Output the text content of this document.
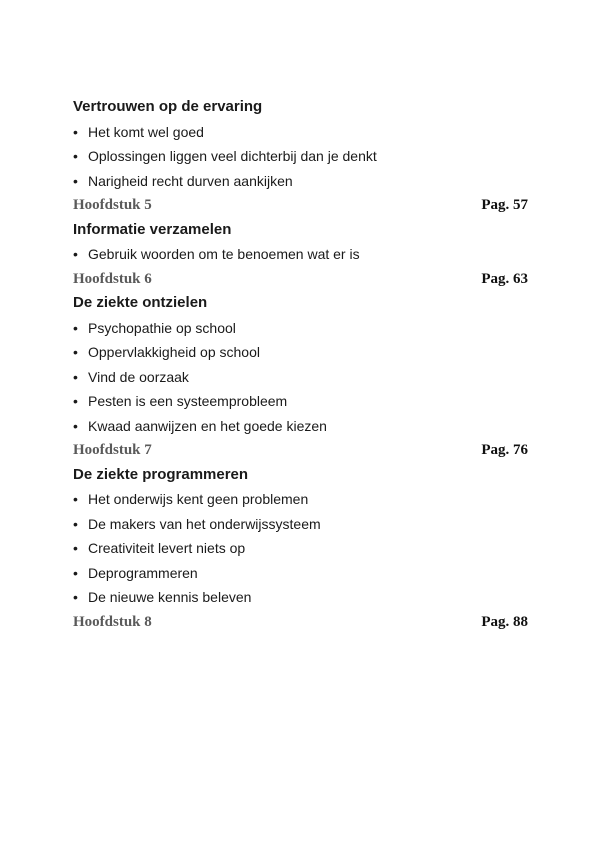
Vertrouwen op de ervaring
• Het komt wel goed
• Oplossingen liggen veel dichterbij dan je denkt
• Narigheid recht durven aankijken
Hoofdstuk 5	Pag. 57
Informatie verzamelen
• Gebruik woorden om te benoemen wat er is
Hoofdstuk 6	Pag. 63
De ziekte ontzielen
• Psychopathie op school
• Oppervlakkigheid op school
• Vind de oorzaak
• Pesten is een systeemprobleem
• Kwaad aanwijzen en het goede kiezen
Hoofdstuk 7	Pag. 76
De ziekte programmeren
• Het onderwijs kent geen problemen
• De makers van het onderwijssysteem
• Creativiteit levert niets op
• Deprogrammeren
• De nieuwe kennis beleven
Hoofdstuk 8	Pag. 88
